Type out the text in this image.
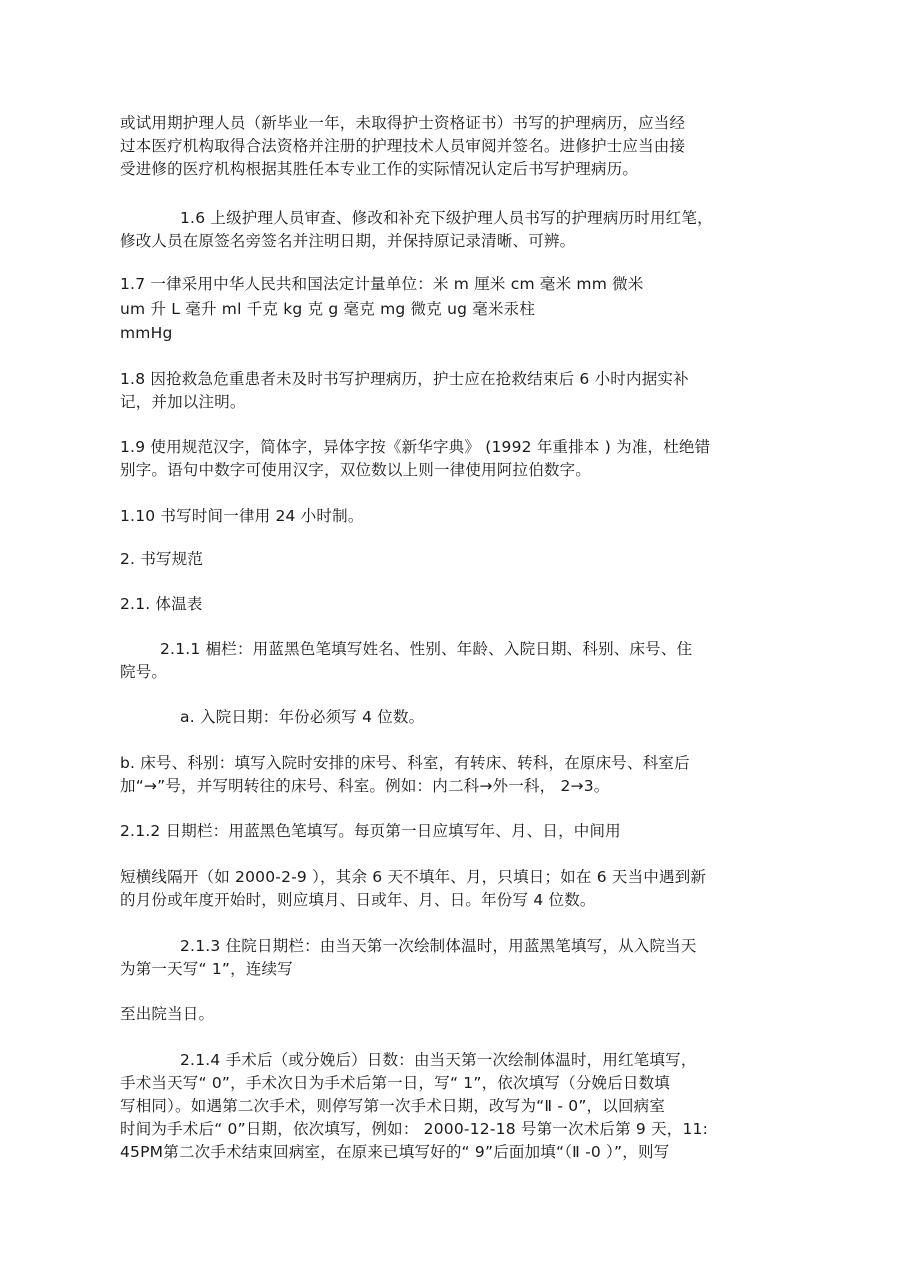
或试用期护理人员（新毕业一年，未取得护士资格证书）书写的护理病历，应当经
过本医疗机构取得合法资格并注册的护理技术人员审阅并签名。进修护士应当由接
受进修的医疗机构根据其胜任本专业工作的实际情况认定后书写护理病历。
1.6 上级护理人员审查、修改和补充下级护理人员书写的护理病历时用红笔，
修改人员在原签名旁签名并注明日期，并保持原记录清晰、可辨。
1.7 一律采用中华人民共和国法定计量单位：米 m 厘米 cm 毫米 mm 微米
um 升 L 毫升 ml 千克 kg 克 g 毫克 mg 微克 ug 毫米汞柱
mmHg
1.8 因抢救急危重患者未及时书写护理病历，护士应在抢救结束后 6 小时内据实补
记，并加以注明。
1.9 使用规范汉字，简体字，异体字按《新华字典》 (1992 年重排本 ) 为准，杜绝错
别字。语句中数字可使用汉字，双位数以上则一律使用阿拉伯数字。
1.10 书写时间一律用 24 小时制。
2. 书写规范
2.1. 体温表
2.1.1 楣栏：用蓝黑色笔填写姓名、性别、年龄、入院日期、科别、床号、住
院号。
a. 入院日期：年份必须写 4 位数。
b. 床号、科别：填写入院时安排的床号、科室，有转床、转科，在原床号、科室后
加“→”号，并写明转往的床号、科室。例如：内二科→外一科， 2→3。
2.1.2 日期栏：用蓝黑色笔填写。每页第一日应填写年、月、日，中间用
短横线隔开（如 2000-2-9 ），其余 6 天不填年、月，只填日；如在 6 天当中遇到新
的月份或年度开始时，则应填月、日或年、月、日。年份写 4 位数。
2.1.3 住院日期栏：由当天第一次绘制体温时，用蓝黑笔填写，从入院当天
为第一天写“ 1”，连续写
至出院当日。
2.1.4 手术后（或分娩后）日数：由当天第一次绘制体温时，用红笔填写，
手术当天写“ 0”，手术次日为手术后第一日，写“ 1”，依次填写（分娩后日数填
写相同）。如遇第二次手术，则停写第一次手术日期，改写为“Ⅱ - 0”，以回病室
时间为手术后“ 0”日期，依次填写，例如： 2000-12-18 号第一次术后第 9 天，11:
45PM第二次手术结束回病室，在原来已填写好的“ 9”后面加填“（Ⅱ -0 ）”，则写
